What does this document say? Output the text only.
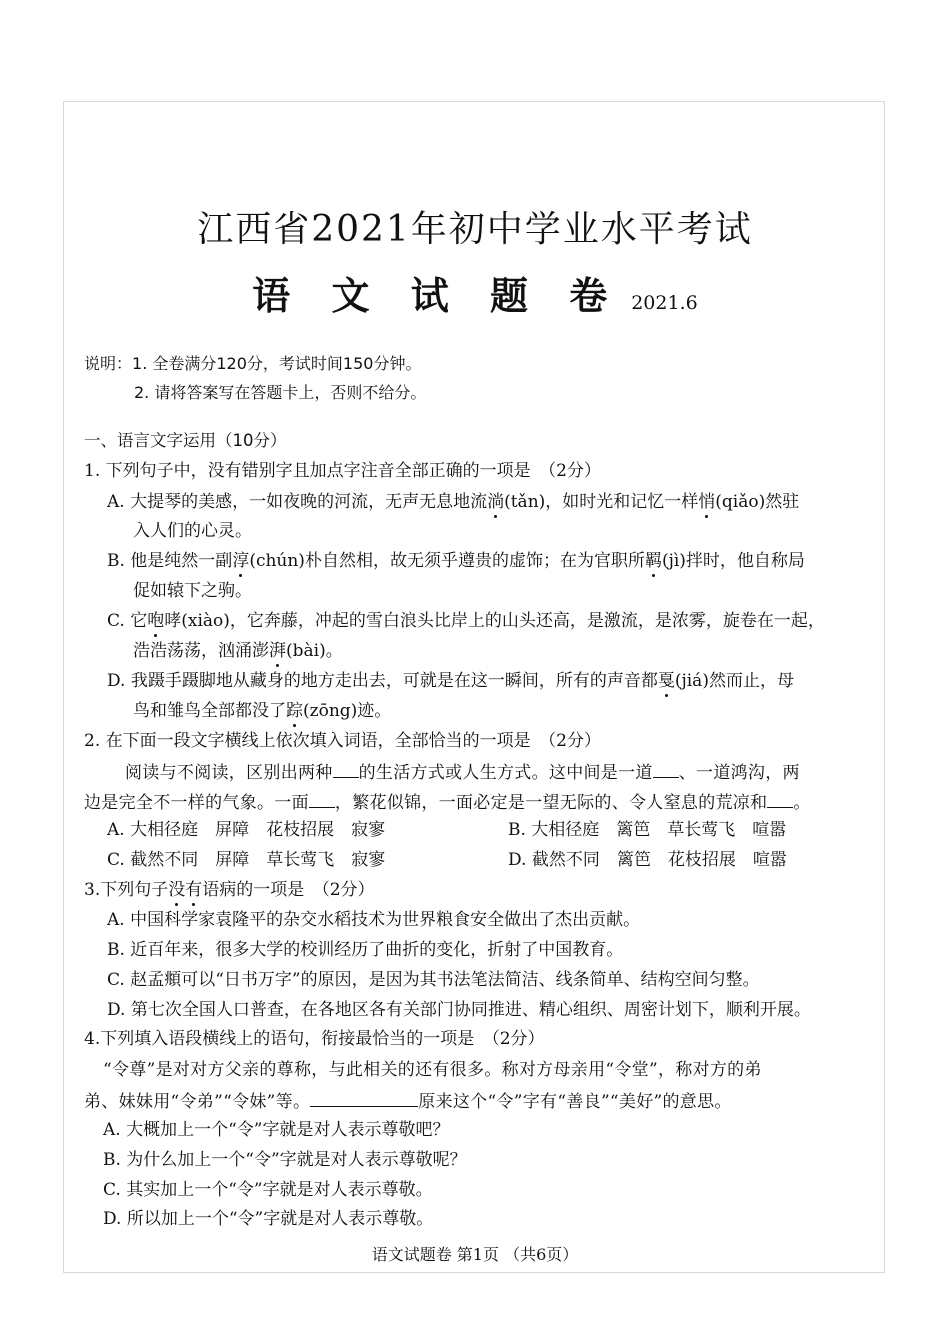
江西省2021年初中学业水平考试
语 文 试 题 卷 2021.6
说明：1. 全卷满分120分，考试时间150分钟。
2. 请将答案写在答题卡上，否则不给分。
一、语言文字运用（10分）
1. 下列句子中，没有错别字且加点字注音全部正确的一项是　（2分）
A. 大提琴的美感，一如夜晚的河流，无声无息地流淌(tǎn)，如时光和记忆一样悄(qiǎo)然驻
入人们的心灵。
B. 他是纯然一副淳(chún)朴自然相，故无须乎遵贵的虚饰；在为官职所羁(jì)拌时，他自称局
促如辕下之驹。
C. 它咆哮(xiào)，它奔藤，冲起的雪白浪头比岸上的山头还高，是激流，是浓雾，旋卷在一起，
浩浩荡荡，汹涌澎湃(bài)。
D. 我蹑手蹑脚地从藏身的地方走出去，可就是在这一瞬间，所有的声音都戛(jiá)然而止，母
鸟和雏鸟全部都没了踪(zōng)迹。
2. 在下面一段文字横线上依次填入词语，全部恰当的一项是　（2分）
阅读与不阅读，区别出两种 的生活方式或人生方式。这中间是一道 、一道鸿沟，两
边是完全不一样的气象。一面 ，繁花似锦，一面必定是一望无际的、令人窒息的荒凉和 。
A. 大相径庭　屏障　花枝招展　寂寥	B. 大相径庭　篱笆　草长莺飞　喧嚣
C. 截然不同　屏障　草长莺飞　寂寥	D. 截然不同　篱笆　花枝招展　喧嚣
3.下列句子没有语病的一项是　（2分）
A. 中国科学家袁隆平的杂交水稻技术为世界粮食安全做出了杰出贡献。
B. 近百年来，很多大学的校训经历了曲折的变化，折射了中国教育。
C. 赵孟頫可以“日书万字”的原因，是因为其书法笔法简洁、线条简单、结构空间匀整。
D. 第七次全国人口普查，在各地区各有关部门协同推进、精心组织、周密计划下，顺利开展。
4.下列填入语段横线上的语句，衔接最恰当的一项是　（2分）
“令尊”是对对方父亲的尊称，与此相关的还有很多。称对方母亲用“令堂”，称对方的弟
弟、妹妹用“令弟”“令妹”等。	原来这个“令”字有“善良”“美好”的意思。
A. 大概加上一个“令”字就是对人表示尊敬吧？
B. 为什么加上一个“令”字就是对人表示尊敬呢？
C. 其实加上一个“令”字就是对人表示尊敬。
D. 所以加上一个“令”字就是对人表示尊敬。
语文试题卷 第1页 （共6页）
